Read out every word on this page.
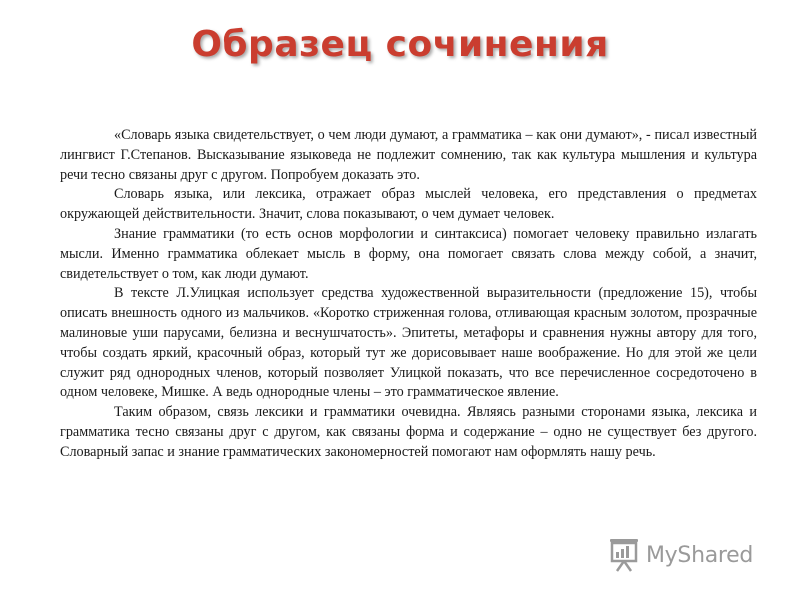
Образец сочинения

«Словарь языка свидетельствует, о чем люди думают, а грамматика – как они думают», - писал известный лингвист Г.Степанов. Высказывание языковеда не подлежит сомнению, так как культура мышления и культура речи тесно связаны друг с другом. Попробуем доказать это.

Словарь языка, или лексика, отражает образ мыслей человека, его представления о предметах окружающей действительности. Значит, слова показывают, о чем думает человек.

Знание грамматики (то есть основ морфологии и синтаксиса) помогает человеку правильно излагать мысли. Именно грамматика облекает мысль в форму, она помогает связать слова между собой, а значит, свидетельствует о том, как люди думают.

В тексте Л.Улицкая использует средства художественной выразительности (предложение 15), чтобы описать внешность одного из мальчиков. «Коротко стриженная голова, отливающая красным золотом, прозрачные малиновые уши парусами, белизна и веснушчатость». Эпитеты, метафоры и сравнения нужны автору для того, чтобы создать яркий, красочный образ, который тут же дорисовывает наше воображение. Но для этой же цели служит ряд однородных членов, который позволяет Улицкой показать, что все перечисленное сосредоточено в одном человеке, Мишке. А ведь однородные члены – это грамматическое явление.

Таким образом, связь лексики и грамматики очевидна. Являясь разными сторонами языка, лексика и грамматика тесно связаны друг с другом, как связаны форма и содержание – одно не существует без другого. Словарный запас и знание грамматических закономерностей помогают нам оформлять нашу речь.

MyShared
